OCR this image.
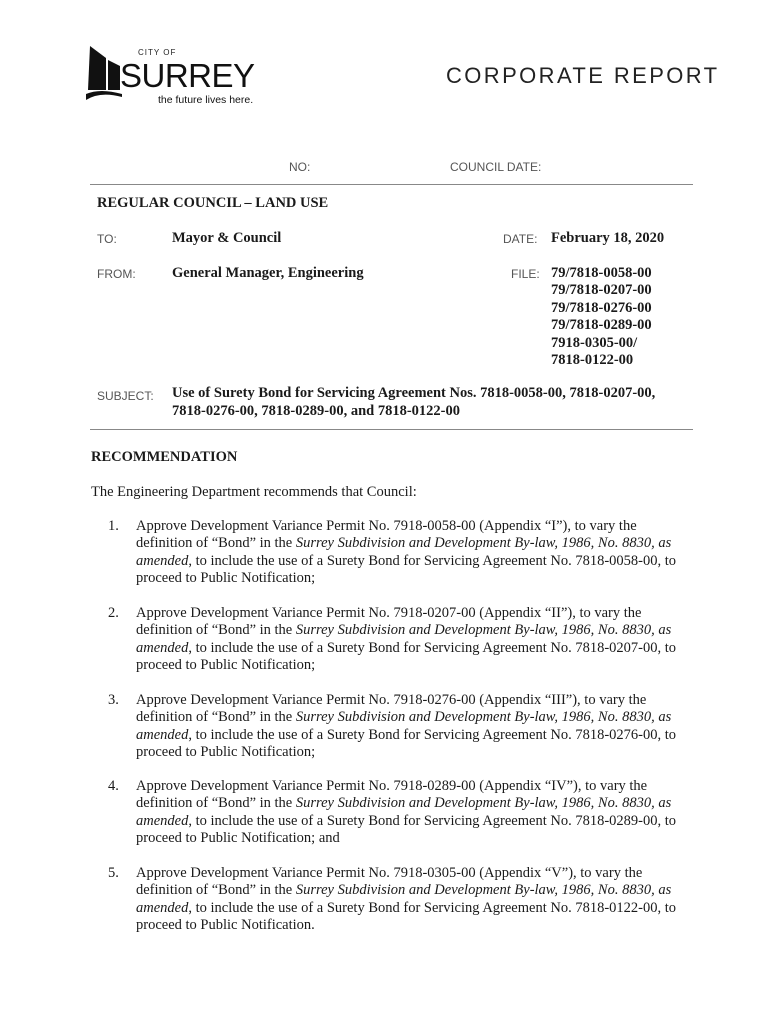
CITY OF
SURREY
the future lives here.
CORPORATE REPORT
NO:	COUNCIL DATE:
REGULAR COUNCIL – LAND USE
TO:	Mayor & Council	DATE: February 18, 2020
FROM:	General Manager, Engineering	FILE: 79/7818-0058-00
79/7818-0207-00
79/7818-0276-00
79/7818-0289-00
7918-0305-00/
7818-0122-00
SUBJECT: Use of Surety Bond for Servicing Agreement Nos. 7818-0058-00, 7818-0207-00, 7818-0276-00, 7818-0289-00, and 7818-0122-00
RECOMMENDATION
The Engineering Department recommends that Council:
1. Approve Development Variance Permit No. 7918-0058-00 (Appendix “I”), to vary the definition of “Bond” in the Surrey Subdivision and Development By-law, 1986, No. 8830, as amended, to include the use of a Surety Bond for Servicing Agreement No. 7818-0058-00, to proceed to Public Notification;
2. Approve Development Variance Permit No. 7918-0207-00 (Appendix “II”), to vary the definition of “Bond” in the Surrey Subdivision and Development By-law, 1986, No. 8830, as amended, to include the use of a Surety Bond for Servicing Agreement No. 7818-0207-00, to proceed to Public Notification;
3. Approve Development Variance Permit No. 7918-0276-00 (Appendix “III”), to vary the definition of “Bond” in the Surrey Subdivision and Development By-law, 1986, No. 8830, as amended, to include the use of a Surety Bond for Servicing Agreement No. 7818-0276-00, to proceed to Public Notification;
4. Approve Development Variance Permit No. 7918-0289-00 (Appendix “IV”), to vary the definition of “Bond” in the Surrey Subdivision and Development By-law, 1986, No. 8830, as amended, to include the use of a Surety Bond for Servicing Agreement No. 7818-0289-00, to proceed to Public Notification; and
5. Approve Development Variance Permit No. 7918-0305-00 (Appendix “V”), to vary the definition of “Bond” in the Surrey Subdivision and Development By-law, 1986, No. 8830, as amended, to include the use of a Surety Bond for Servicing Agreement No. 7818-0122-00, to proceed to Public Notification.
